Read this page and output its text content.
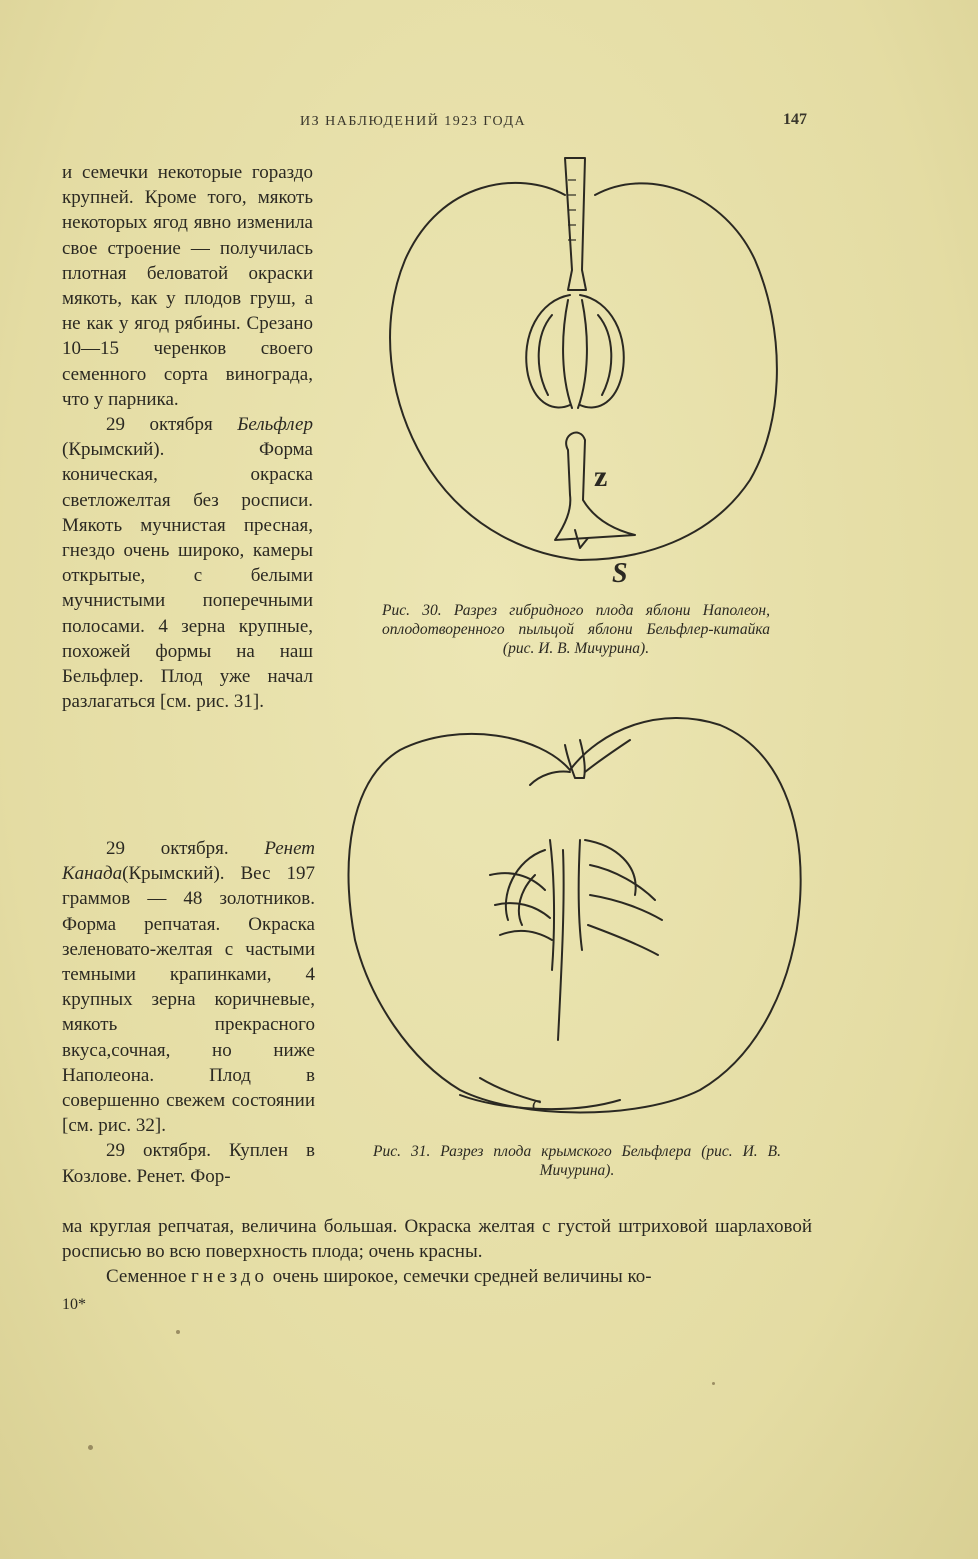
ИЗ НАБЛЮДЕНИЙ 1923 ГОДА	147

и семечки некоторые гораздо крупней. Кроме того, мякоть некоторых ягод явно изменила свое строение — получилась плотная беловатой окраски мякоть, как у плодов груш, а не как у ягод рябины. Срезано 10—15 черенков своего семенного сорта винограда, что у парника.

29 октября Бельфлер (Крымский). Форма коническая, окраска светложелтая без росписи. Мякоть мучнистая пресная, гнездо очень широко, камеры открытые, с белыми мучнистыми поперечными полосами. 4 зерна крупные, похожей формы на наш Бельфлер. Плод уже начал разлагаться [см. рис. 31].

29 октября. Ренет Канада(Крымский). Вес 197 граммов — 48 золотников. Форма репчатая. Окраска зеленовато-желтая с частыми темными крапинками, 4 крупных зерна коричневые, мякоть прекрасного вкуса,сочная, но ниже Наполеона. Плод в совершенно свежем состоянии [см. рис. 32].

29 октября. Куплен в Козлове. Ренет. Фор-

ма круглая репчатая, величина большая. Окраска желтая с густой штриховой шарлаховой росписью во всю поверхность плода; очень красны.

Семенное гнездо очень широкое, семечки средней величины ко-

10*
z
S
Рис. 30. Разрез гибридного плода яблони Наполеон, оплодотворенного пыльцой яблони Бельфлер-китайка (рис. И. В. Мичурина).
c
Рис. 31. Разрез плода крымского Бельфлера (рис. И. В. Мичурина).
